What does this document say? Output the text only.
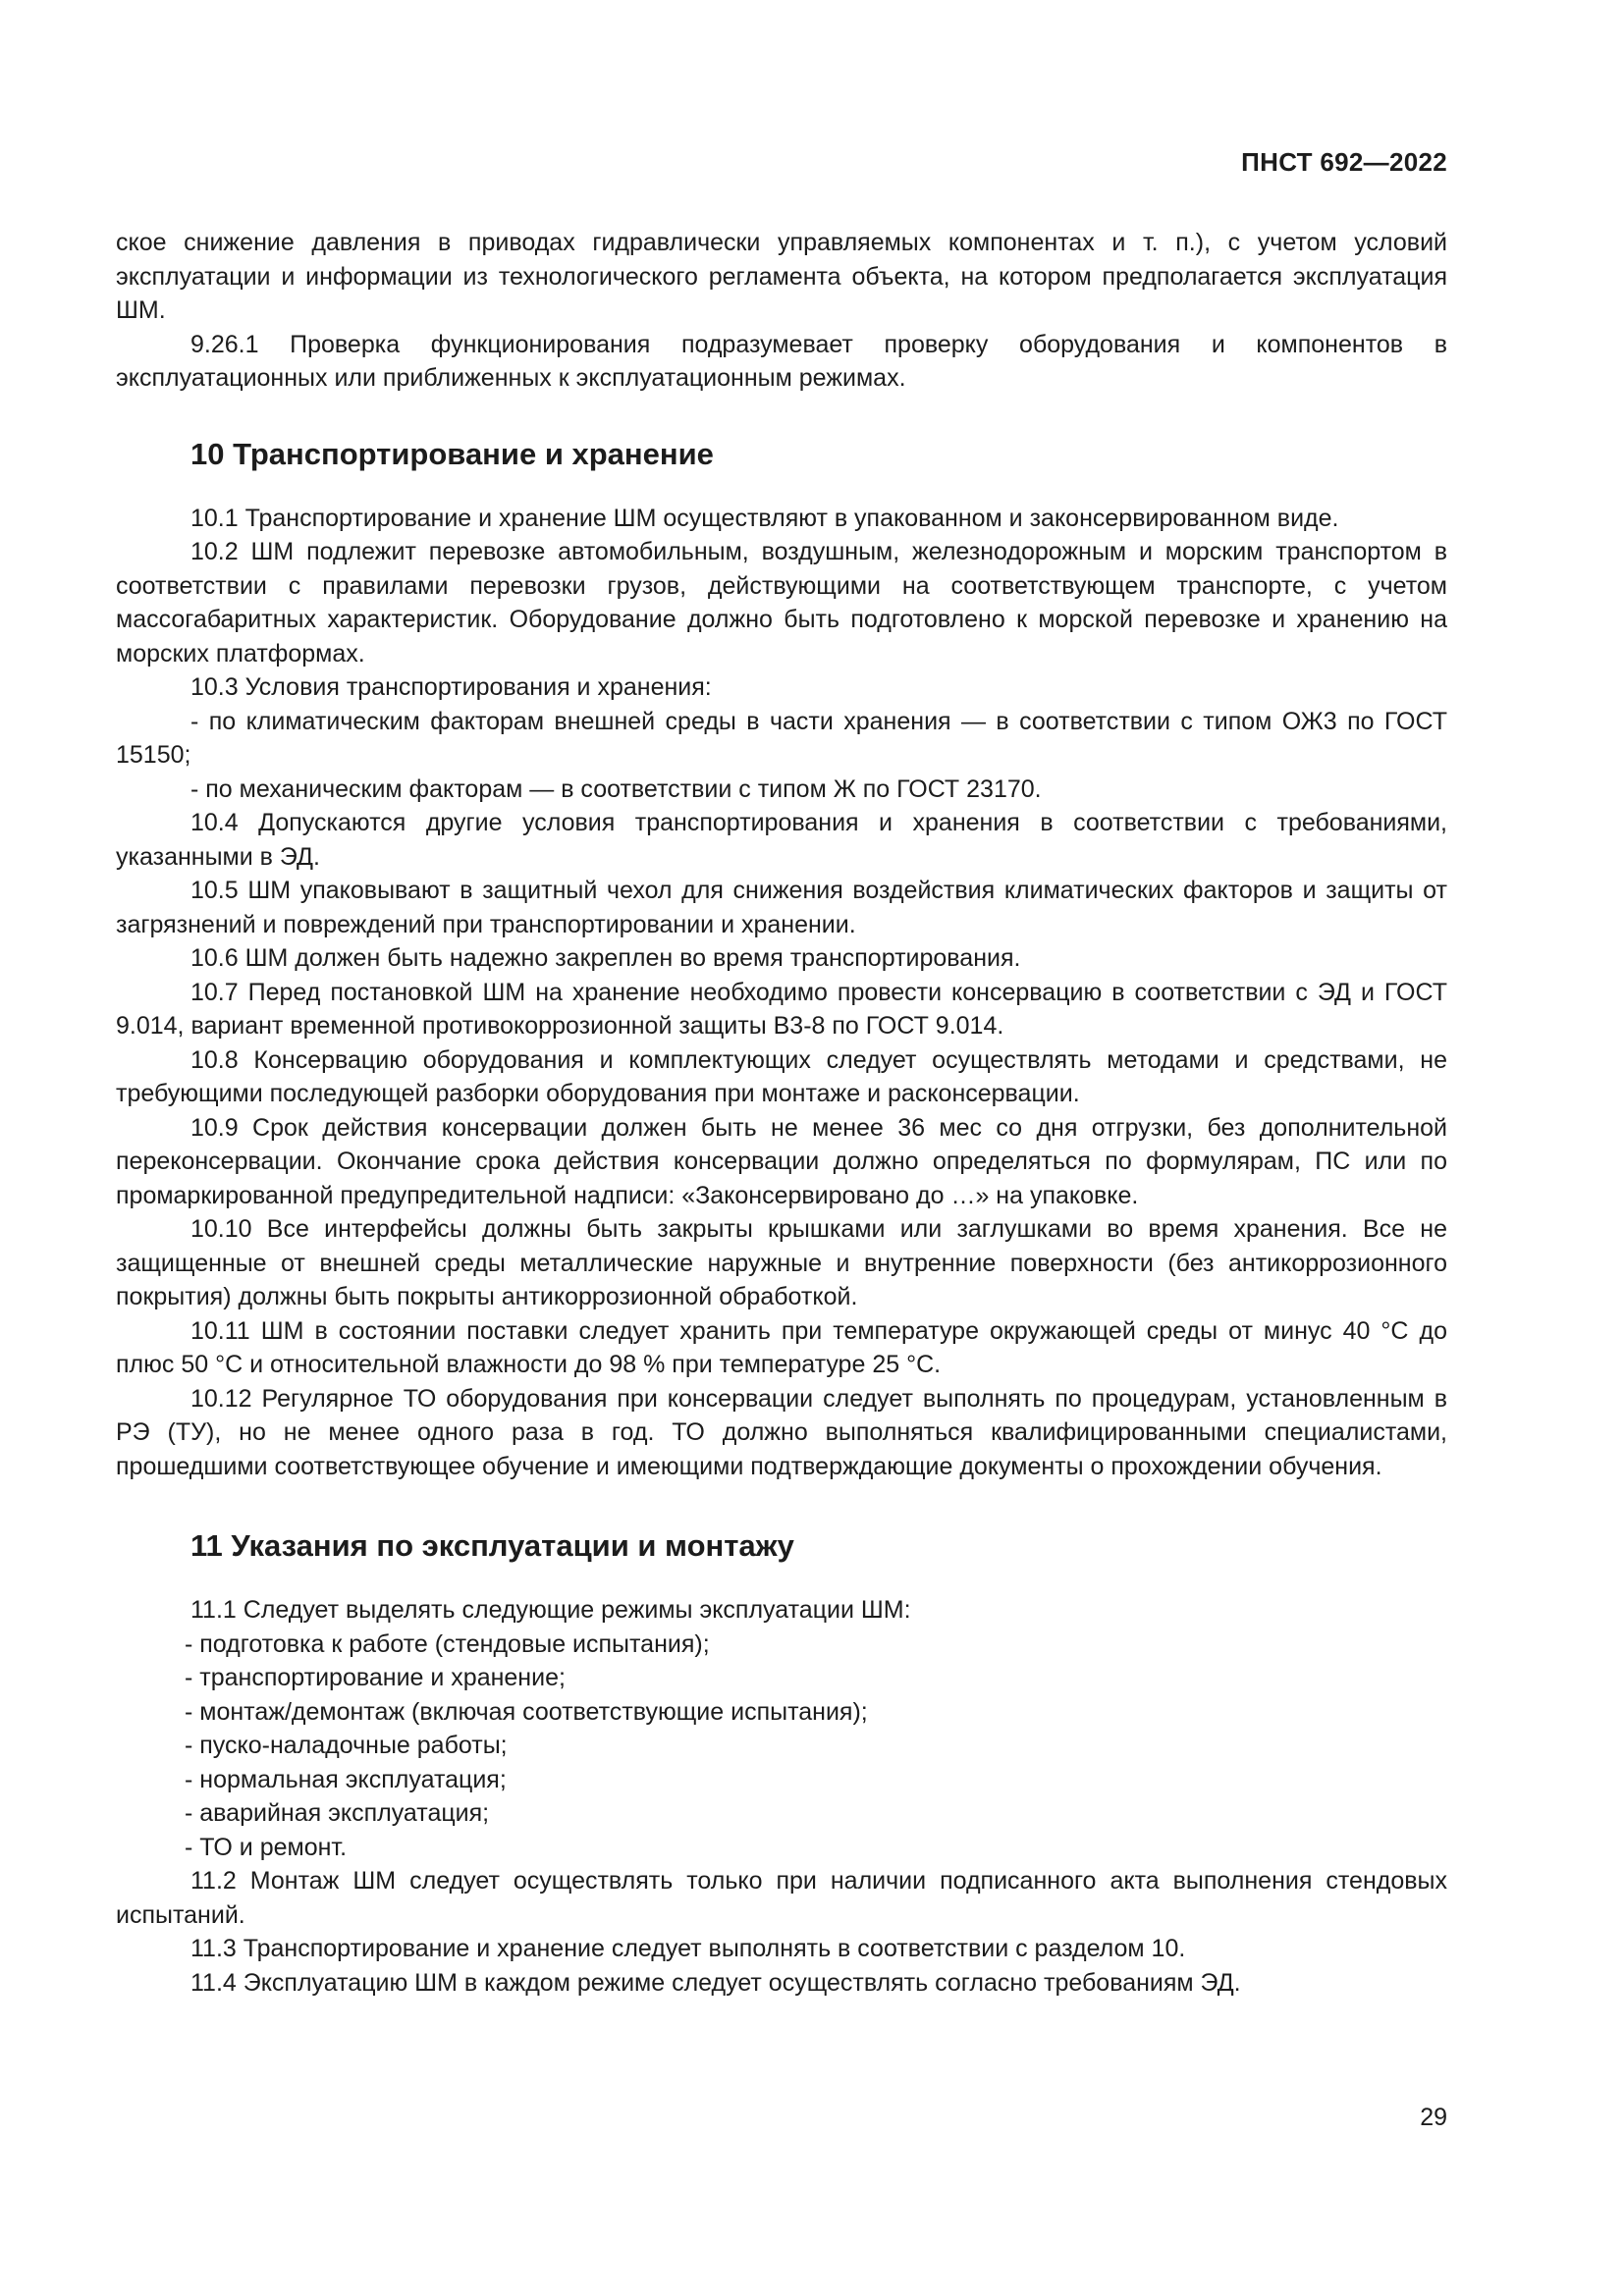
ПНСТ 692—2022

ское снижение давления в приводах гидравлически управляемых компонентах и т. п.), с учетом условий эксплуатации и информации из технологического регламента объекта, на котором предполагается эксплуатация ШМ.

9.26.1 Проверка функционирования подразумевает проверку оборудования и компонентов в эксплуатационных или приближенных к эксплуатационным режимах.

10 Транспортирование и хранение

10.1 Транспортирование и хранение ШМ осуществляют в упакованном и законсервированном виде.

10.2 ШМ подлежит перевозке автомобильным, воздушным, железнодорожным и морским транспортом в соответствии с правилами перевозки грузов, действующими на соответствующем транспорте, с учетом массогабаритных характеристик. Оборудование должно быть подготовлено к морской перевозке и хранению на морских платформах.

10.3 Условия транспортирования и хранения:

- по климатическим факторам внешней среды в части хранения — в соответствии с типом ОЖ3 по ГОСТ 15150;

- по механическим факторам — в соответствии с типом Ж по ГОСТ 23170.

10.4 Допускаются другие условия транспортирования и хранения в соответствии с требованиями, указанными в ЭД.

10.5 ШМ упаковывают в защитный чехол для снижения воздействия климатических факторов и защиты от загрязнений и повреждений при транспортировании и хранении.

10.6 ШМ должен быть надежно закреплен во время транспортирования.

10.7 Перед постановкой ШМ на хранение необходимо провести консервацию в соответствии с ЭД и ГОСТ 9.014, вариант временной противокоррозионной защиты В3-8 по ГОСТ 9.014.

10.8 Консервацию оборудования и комплектующих следует осуществлять методами и средствами, не требующими последующей разборки оборудования при монтаже и расконсервации.

10.9 Срок действия консервации должен быть не менее 36 мес со дня отгрузки, без дополнительной переконсервации. Окончание срока действия консервации должно определяться по формулярам, ПС или по промаркированной предупредительной надписи: «Законсервировано до …» на упаковке.

10.10 Все интерфейсы должны быть закрыты крышками или заглушками во время хранения. Все не защищенные от внешней среды металлические наружные и внутренние поверхности (без антикоррозионного покрытия) должны быть покрыты антикоррозионной обработкой.

10.11 ШМ в состоянии поставки следует хранить при температуре окружающей среды от минус 40 °С до плюс 50 °С и относительной влажности до 98 % при температуре 25 °С.

10.12 Регулярное ТО оборудования при консервации следует выполнять по процедурам, установленным в РЭ (ТУ), но не менее одного раза в год. ТО должно выполняться квалифицированными специалистами, прошедшими соответствующее обучение и имеющими подтверждающие документы о прохождении обучения.

11 Указания по эксплуатации и монтажу

11.1 Следует выделять следующие режимы эксплуатации ШМ:

- подготовка к работе (стендовые испытания);

- транспортирование и хранение;

- монтаж/демонтаж (включая соответствующие испытания);

- пуско-наладочные работы;

- нормальная эксплуатация;

- аварийная эксплуатация;

- ТО и ремонт.

11.2 Монтаж ШМ следует осуществлять только при наличии подписанного акта выполнения стендовых испытаний.

11.3 Транспортирование и хранение следует выполнять в соответствии с разделом 10.

11.4 Эксплуатацию ШМ в каждом режиме следует осуществлять согласно требованиям ЭД.

29
